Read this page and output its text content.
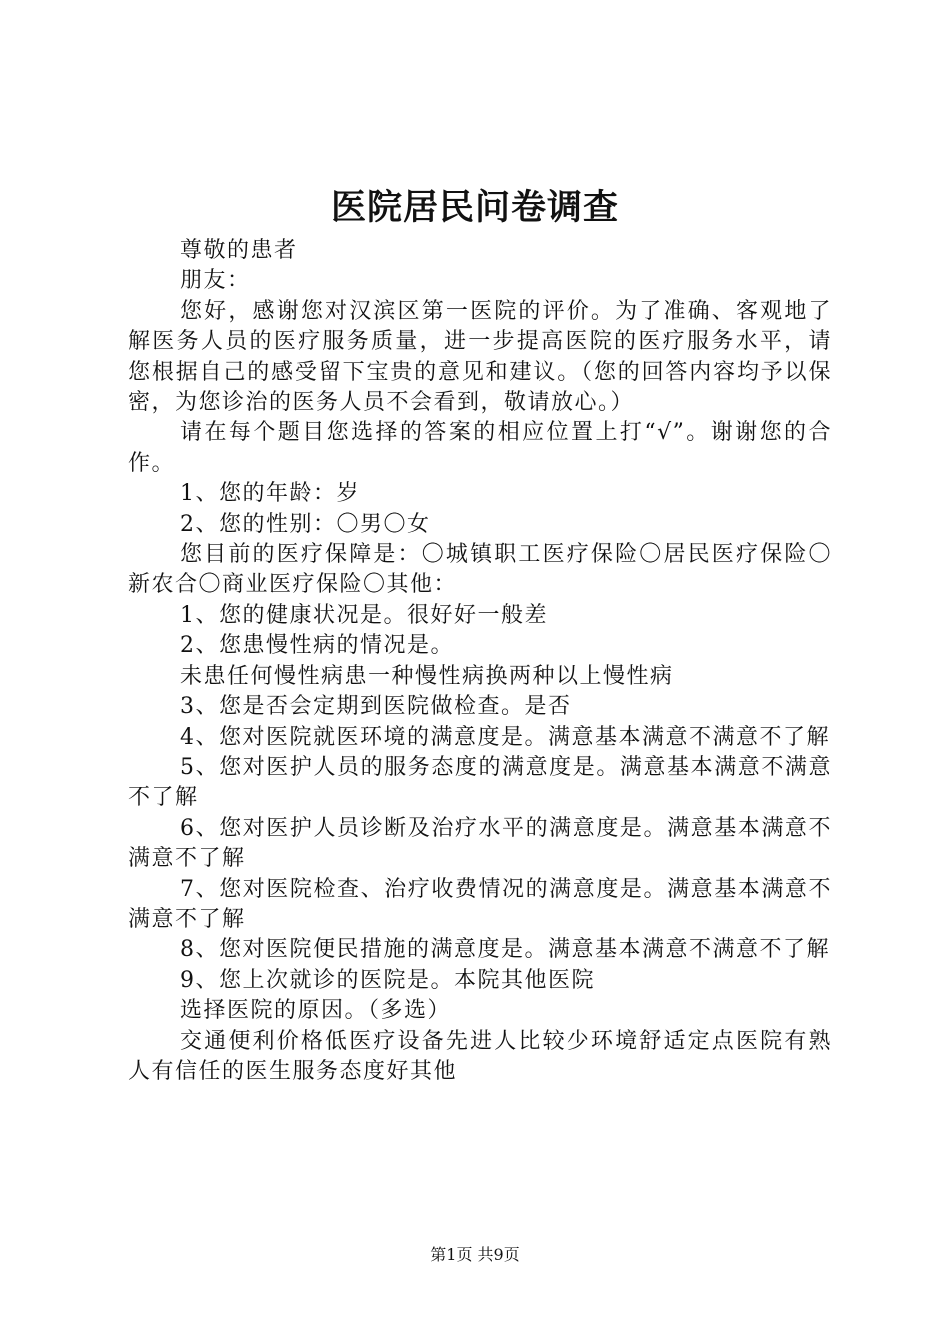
医院居民问卷调查

尊敬的患者

朋友：

您好，感谢您对汉滨区第一医院的评价。为了准确、客观地了解医务人员的医疗服务质量，进一步提高医院的医疗服务水平，请您根据自己的感受留下宝贵的意见和建议。（您的回答内容均予以保密，为您诊治的医务人员不会看到，敬请放心。）

请在每个题目您选择的答案的相应位置上打“√”。谢谢您的合作。

1、您的年龄：岁

2、您的性别：〇男〇女

您目前的医疗保障是：〇城镇职工医疗保险〇居民医疗保险〇新农合〇商业医疗保险〇其他：

1、您的健康状况是。很好好一般差

2、您患慢性病的情况是。

未患任何慢性病患一种慢性病换两种以上慢性病

3、您是否会定期到医院做检查。是否

4、您对医院就医环境的满意度是。满意基本满意不满意不了解

5、您对医护人员的服务态度的满意度是。满意基本满意不满意不了解

6、您对医护人员诊断及治疗水平的满意度是。满意基本满意不满意不了解

7、您对医院检查、治疗收费情况的满意度是。满意基本满意不满意不了解

8、您对医院便民措施的满意度是。满意基本满意不满意不了解

9、您上次就诊的医院是。本院其他医院

选择医院的原因。（多选）

交通便利价格低医疗设备先进人比较少环境舒适定点医院有熟人有信任的医生服务态度好其他

第1页 共9页
